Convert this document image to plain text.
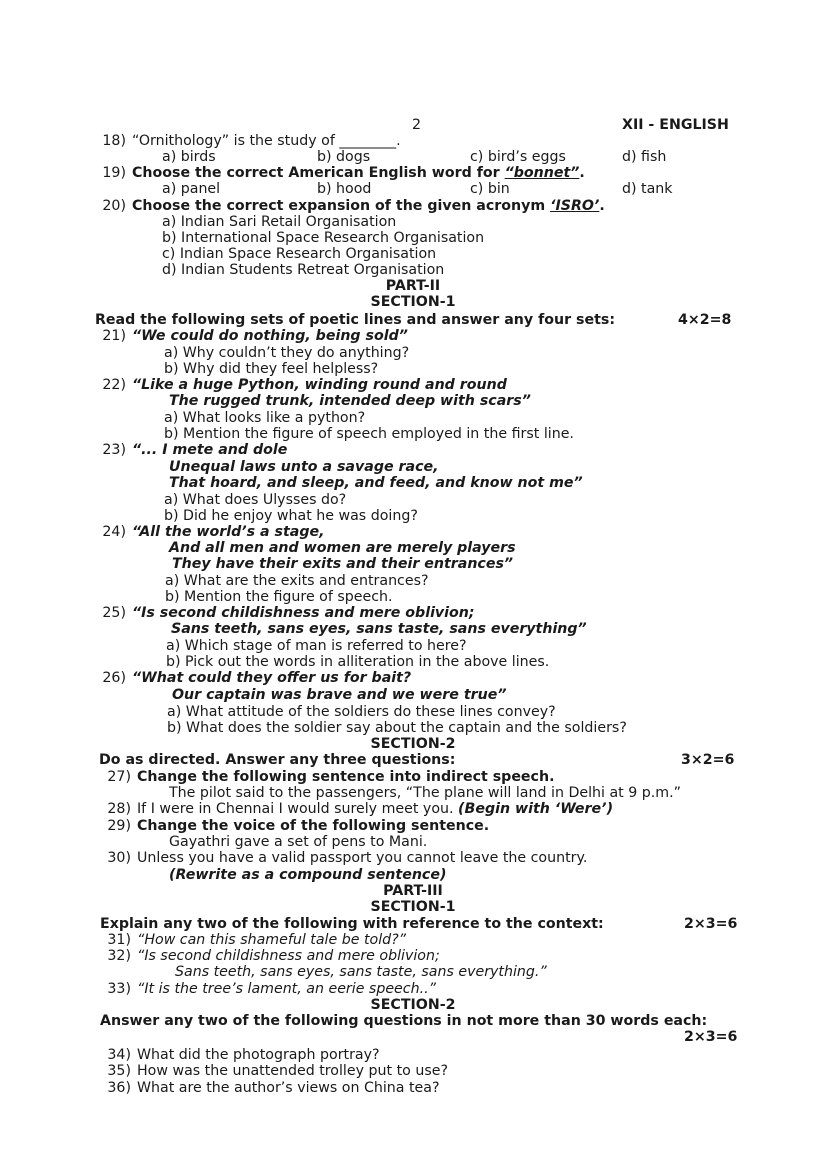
2	XII - ENGLISH
18) “Ornithology” is the study of ________.
a) birds	b) dogs	c) bird’s eggs	d) fish
19) Choose the correct American English word for “bonnet”.
a) panel	b) hood	c) bin	d) tank
20) Choose the correct expansion of the given acronym ‘ISRO’.
a) Indian Sari Retail Organisation
b) International Space Research Organisation
c) Indian Space Research Organisation
d) Indian Students Retreat Organisation
PART-II
SECTION-1
Read the following sets of poetic lines and answer any four sets:	4×2=8
21) “We could do nothing, being sold”
a) Why couldn’t they do anything?
b) Why did they feel helpless?
22) “Like a huge Python, winding round and round
The rugged trunk, intended deep with scars”
a) What looks like a python?
b) Mention the figure of speech employed in the first line.
23) “... I mete and dole
Unequal laws unto a savage race,
That hoard, and sleep, and feed, and know not me”
a) What does Ulysses do?
b) Did he enjoy what he was doing?
24) “All the world’s a stage,
And all men and women are merely players
They have their exits and their entrances”
a) What are the exits and entrances?
b) Mention the figure of speech.
25) “Is second childishness and mere oblivion;
Sans teeth, sans eyes, sans taste, sans everything”
a) Which stage of man is referred to here?
b) Pick out the words in alliteration in the above lines.
26) “What could they offer us for bait?
Our captain was brave and we were true”
a) What attitude of the soldiers do these lines convey?
b) What does the soldier say about the captain and the soldiers?
SECTION-2
Do as directed. Answer any three questions:	3×2=6
27) Change the following sentence into indirect speech.
The pilot said to the passengers, “The plane will land in Delhi at 9 p.m.”
28) If I were in Chennai I would surely meet you. (Begin with ‘Were’)
29) Change the voice of the following sentence.
Gayathri gave a set of pens to Mani.
30) Unless you have a valid passport you cannot leave the country.
(Rewrite as a compound sentence)
PART-III
SECTION-1
Explain any two of the following with reference to the context:	2×3=6
31) “How can this shameful tale be told?”
32) “Is second childishness and mere oblivion;
Sans teeth, sans eyes, sans taste, sans everything.”
33) “It is the tree’s lament, an eerie speech..”
SECTION-2
Answer any two of the following questions in not more than 30 words each:
2×3=6
34) What did the photograph portray?
35) How was the unattended trolley put to use?
36) What are the author’s views on China tea?
